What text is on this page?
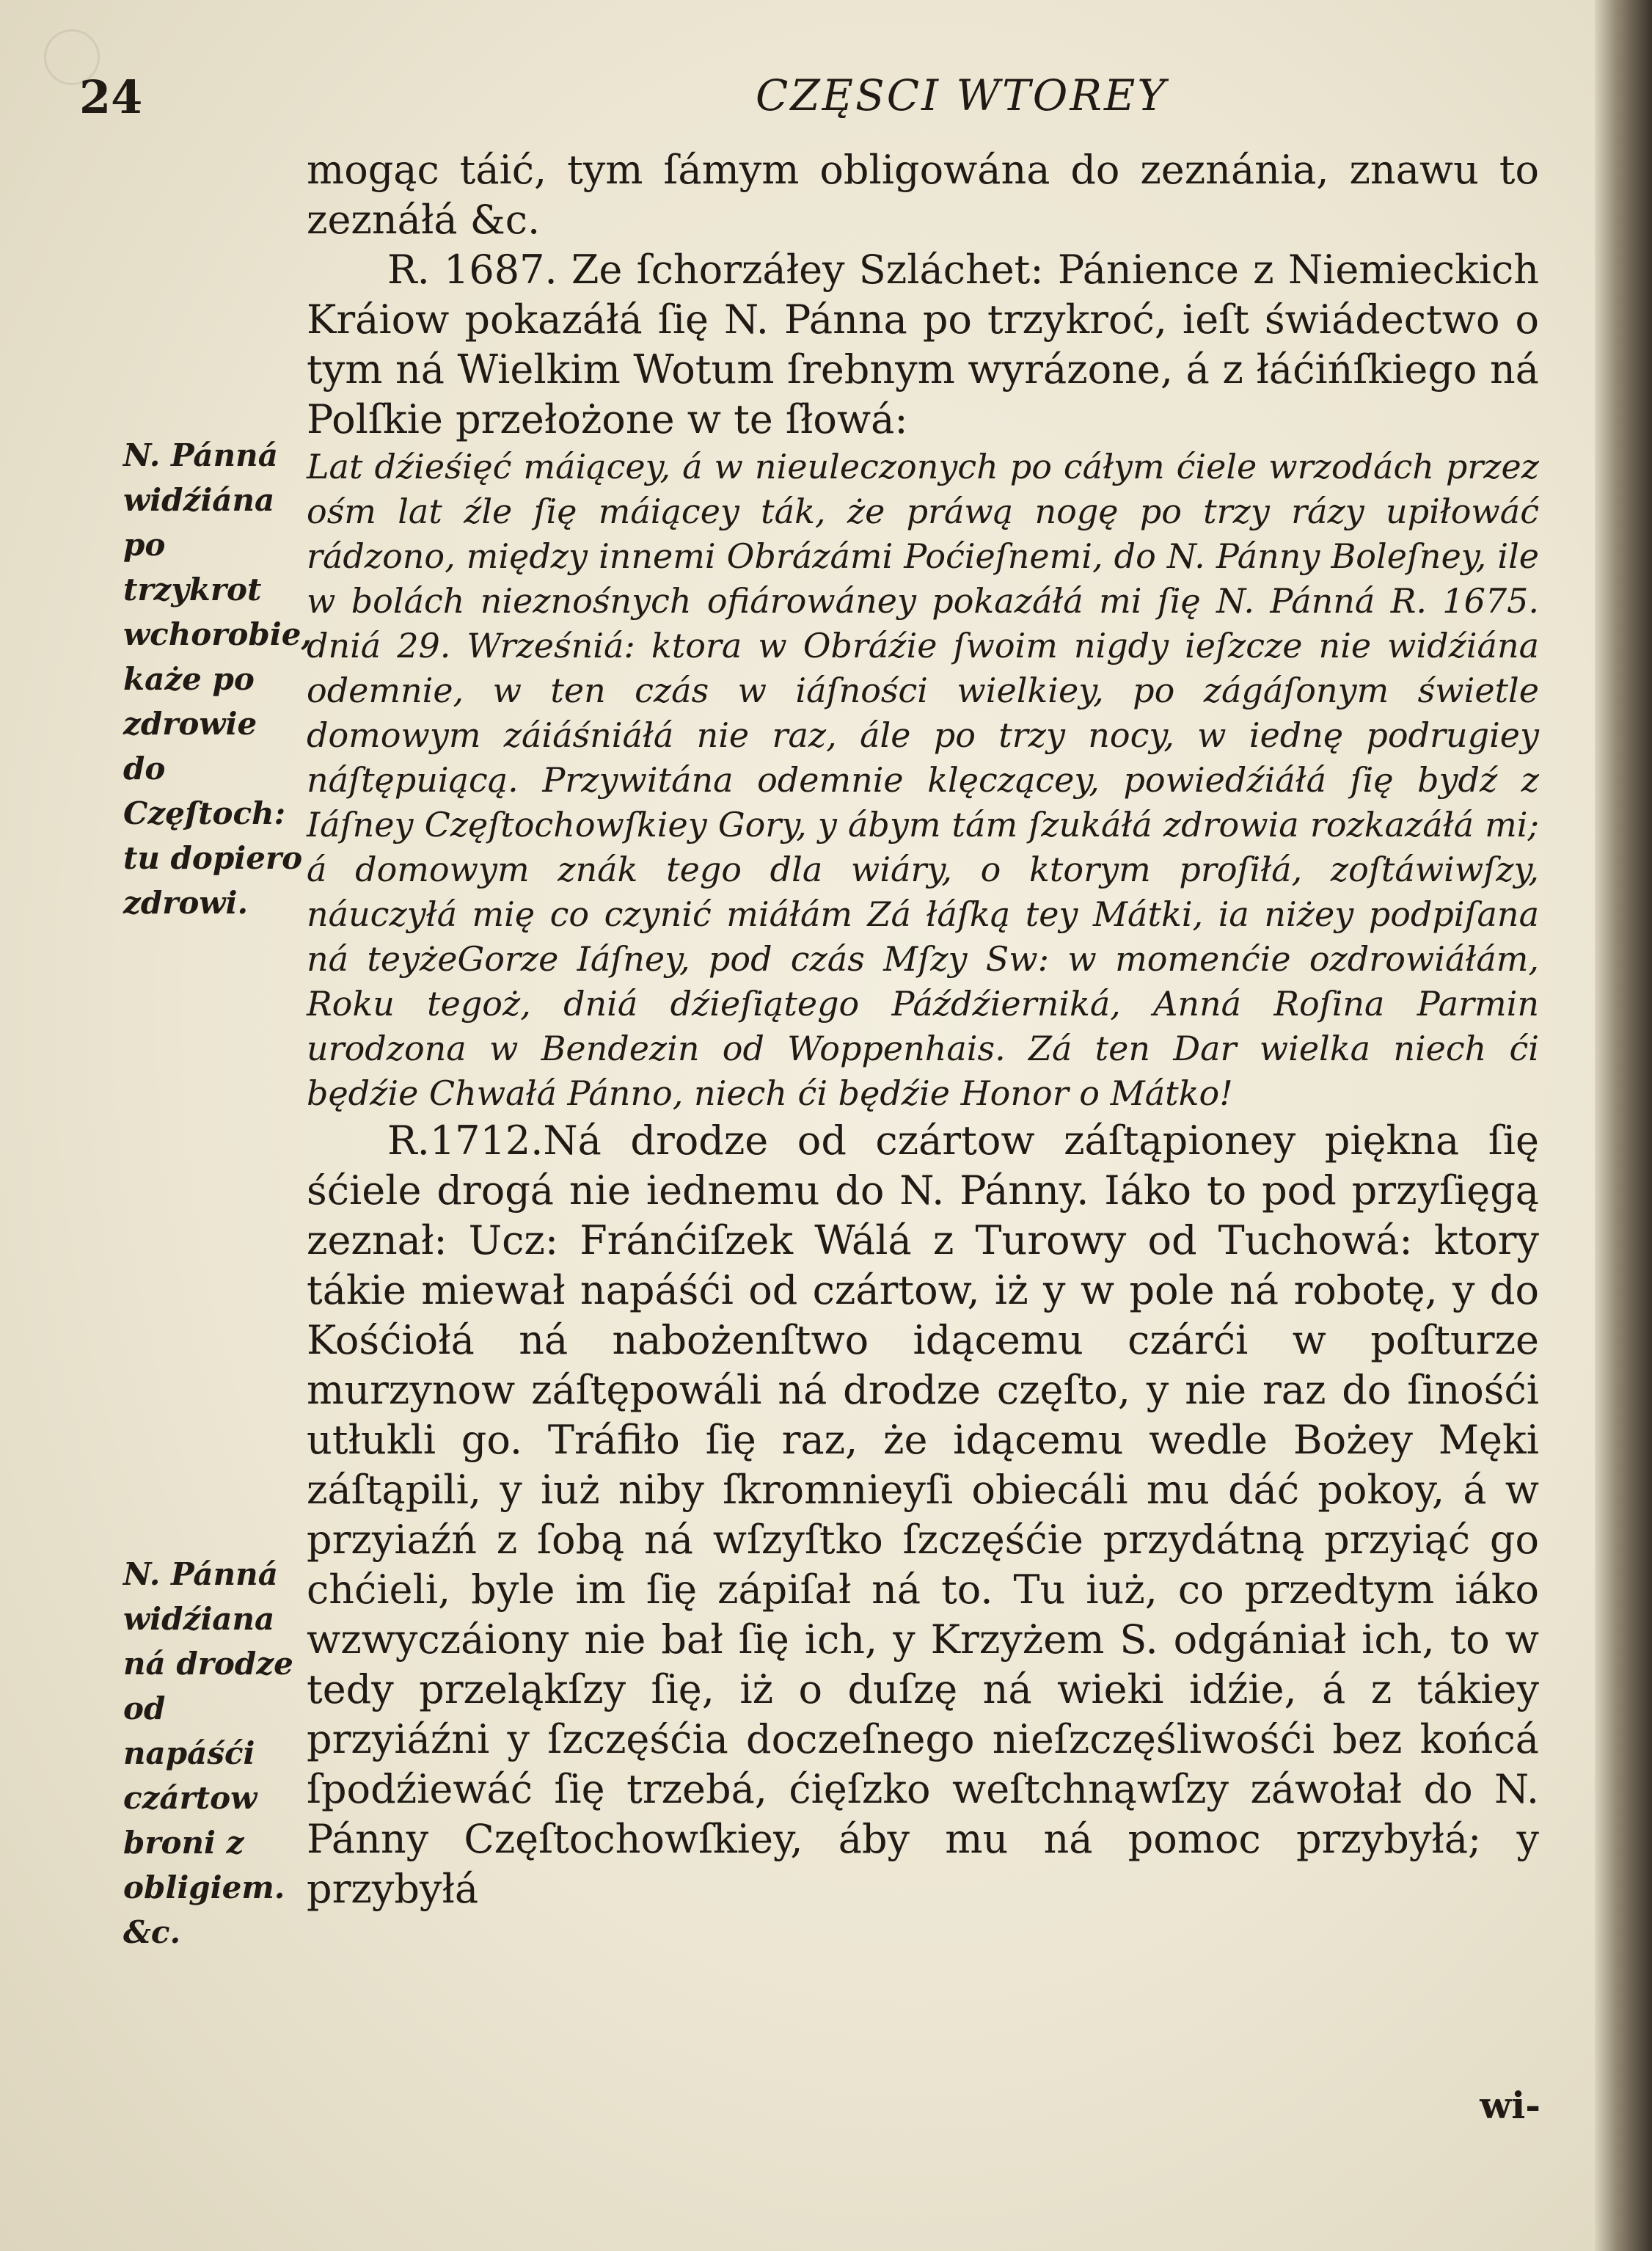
24	CZĘSCI WTOREY
N. Pánná widźiána po trzykrot wchorobie, każe po zdrowie do Częſtoch: tu dopiero zdrowi.
N. Pánná widźiana ná drodze od napáśći czártow broni z obligiem. &c.

mogąc táić, tym ſámym obligowána do zeznánia, znawu to zeznáłá &c.

R. 1687. Ze ſchorzáłey Szláchet: Pánience z Niemieckich Kráiow pokazáłá ſię N. Pánna po trzykroć, ieſt świádectwo o tym ná Wielkim Wotum ſrebnym wyrázone, á z łáćińſkiego ná Polſkie przełożone w te ſłowá:

Lat dźieśięć máiącey, á w nieuleczonych po cáłym ćiele wrzodách przez ośm lat źle ſię máiącey ták, że práwą nogę po trzy rázy upiłowáć rádzono, między innemi Obrázámi Poćieſnemi, do N. Pánny Boleſney, ile w bolách nieznośnych ofiárowáney pokazáłá mi ſię N. Pánná R. 1675. dniá 29. Wrześniá: ktora w Obráźie ſwoim nigdy ieſzcze nie widźiána odemnie, w ten czás w iáſności wielkiey, po zágáſonym świetle domowym záiáśniáłá nie raz, ále po trzy nocy, w iednę podrugiey náſtępuiącą. Przywitána odemnie klęczącey, powiedźiáłá ſię bydź z Iáſney Częſtochowſkiey Gory, y ábym tám ſzukáłá zdrowia rozkazáłá mi; á domowym znák tego dla wiáry, o ktorym proſiłá, zoſtáwiwſzy, náuczyłá mię co czynić miáłám Zá łáſką tey Mátki, ia niżey podpiſana ná teyżeGorze Iáſney, pod czás Mſzy Sw: w momenćie ozdrowiáłám, Roku tegoż, dniá dźieſiątego Páźdźierniká, Anná Roſina Parmin urodzona w Bendezin od Woppenhais. Zá ten Dar wielka niech ći będźie Chwałá Pánno, niech ći będźie Honor o Mátko!

R.1712.Ná drodze od czártow záſtąpioney piękna ſię śćiele drogá nie iednemu do N. Pánny. Iáko to pod przyſięgą zeznał: Ucz: Fránćiſzek Wálá z Turowy od Tuchowá: ktory tákie miewał napáśći od czártow, iż y w pole ná robotę, y do Kośćiołá ná nabożenſtwo idącemu czárći w poſturze murzynow záſtępowáli ná drodze częſto, y nie raz do ſinośći utłukli go. Tráfiło ſię raz, że idącemu wedle Bożey Męki záſtąpili, y iuż niby ſkromnieyſi obiecáli mu dáć pokoy, á w przyiaźń z ſobą ná wſzyſtko ſzczęśćie przydátną przyiąć go chćieli, byle im ſię zápiſał ná to. Tu iuż, co przedtym iáko wzwyczáiony nie bał ſię ich, y Krzyżem S. odgániał ich, to w tedy przeląkſzy ſię, iż o duſzę ná wieki idźie, á z tákiey przyiáźni y ſzczęśćia doczeſnego nieſzczęśliwośći bez końcá ſpodźiewáć ſię trzebá, ćięſzko weſtchnąwſzy záwołał do N. Pánny Częſtochowſkiey, áby mu ná pomoc przybyłá; y przybyłá

wi-
